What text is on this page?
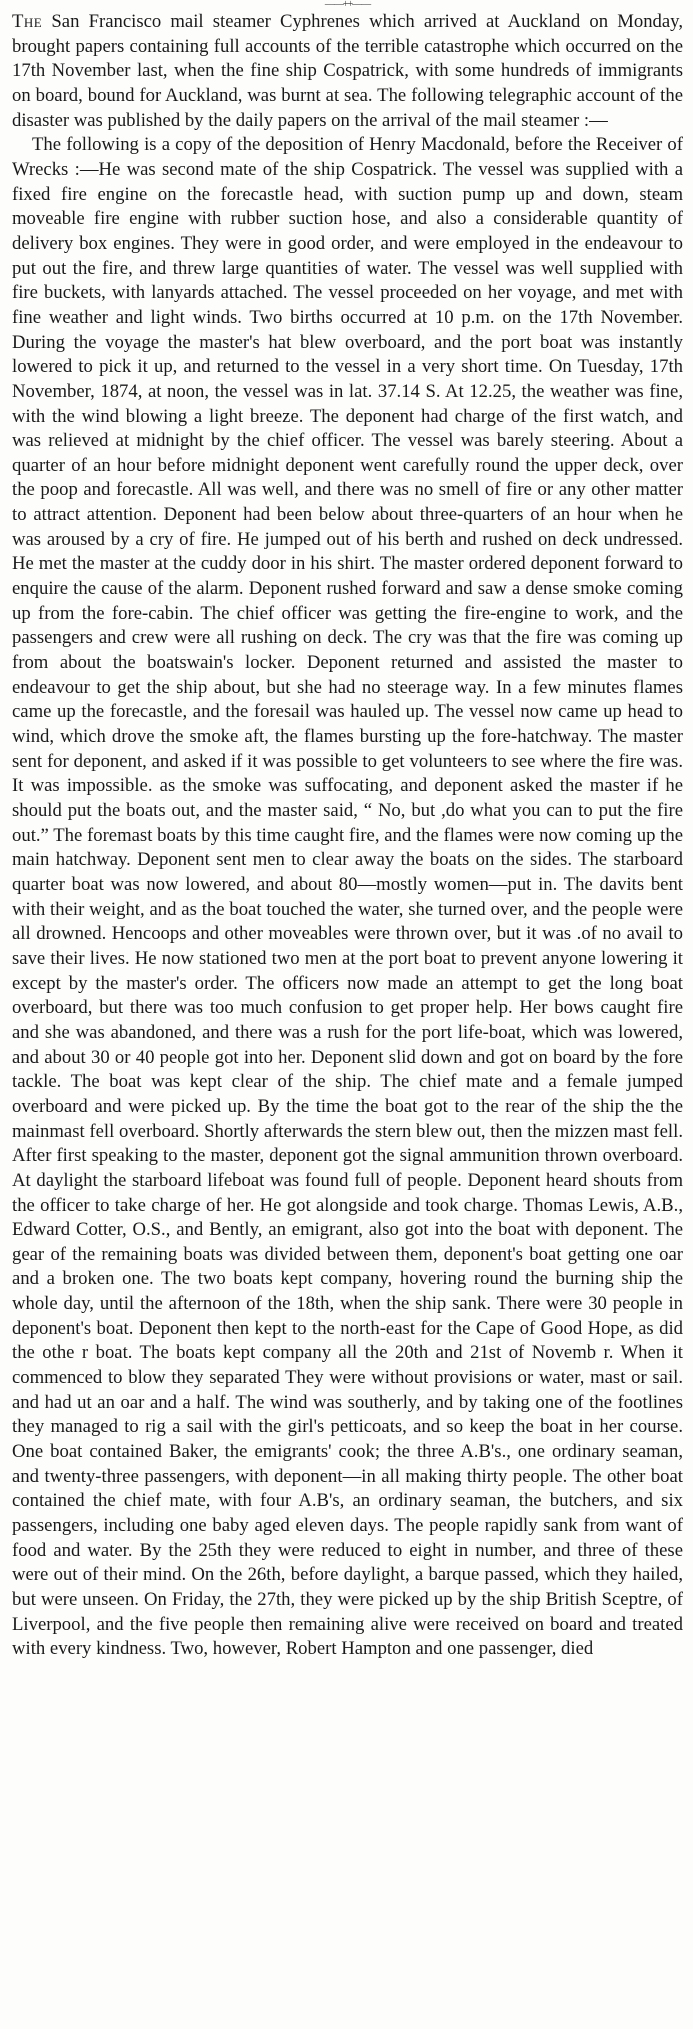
——++——

The San Francisco mail steamer Cyphrenes which arrived at Auckland on Monday, brought papers containing full accounts of the terrible catastrophe which occurred on the 17th November last, when the fine ship Cospatrick, with some hundreds of immigrants on board, bound for Auckland, was burnt at sea. The following telegraphic account of the disaster was published by the daily papers on the arrival of the mail steamer :—

The following is a copy of the deposition of Henry Macdonald, before the Receiver of Wrecks :—He was second mate of the ship Cospatrick. The vessel was supplied with a fixed fire engine on the forecastle head, with suction pump up and down, steam moveable fire engine with rubber suction hose, and also a considerable quantity of delivery box engines. They were in good order, and were employed in the endeavour to put out the fire, and threw large quantities of water. The vessel was well supplied with fire buckets, with lanyards attached. The vessel proceeded on her voyage, and met with fine weather and light winds. Two births occurred at 10 p.m. on the 17th November. During the voyage the master's hat blew overboard, and the port boat was instantly lowered to pick it up, and returned to the vessel in a very short time. On Tuesday, 17th November, 1874, at noon, the vessel was in lat. 37.14 S. At 12.25, the weather was fine, with the wind blowing a light breeze. The deponent had charge of the first watch, and was relieved at midnight by the chief officer. The vessel was barely steering. About a quarter of an hour before midnight deponent went carefully round the upper deck, over the poop and forecastle. All was well, and there was no smell of fire or any other matter to attract attention. Deponent had been below about three-quarters of an hour when he was aroused by a cry of fire. He jumped out of his berth and rushed on deck undressed. He met the master at the cuddy door in his shirt. The master ordered deponent forward to enquire the cause of the alarm. Deponent rushed forward and saw a dense smoke coming up from the fore-cabin. The chief officer was getting the fire-engine to work, and the passengers and crew were all rushing on deck. The cry was that the fire was coming up from about the boatswain's locker. Deponent returned and assisted the master to endeavour to get the ship about, but she had no steerage way. In a few minutes flames came up the forecastle, and the foresail was hauled up. The vessel now came up head to wind, which drove the smoke aft, the flames bursting up the fore-hatchway. The master sent for deponent, and asked if it was possible to get volunteers to see where the fire was. It was impossible. as the smoke was suffocating, and deponent asked the master if he should put the boats out, and the master said, “ No, but ,do what you can to put the fire out.” The foremast boats by this time caught fire, and the flames were now coming up the main hatchway. Deponent sent men to clear away the boats on the sides. The starboard quarter boat was now lowered, and about 80—mostly women—put in. The davits bent with their weight, and as the boat touched the water, she turned over, and the people were all drowned. Hencoops and other moveables were thrown over, but it was .of no avail to save their lives. He now stationed two men at the port boat to prevent anyone lowering it except by the master's order. The officers now made an attempt to get the long boat overboard, but there was too much confusion to get proper help. Her bows caught fire and she was abandoned, and there was a rush for the port life-boat, which was lowered, and about 30 or 40 people got into her. Deponent slid down and got on board by the fore tackle. The boat was kept clear of the ship. The chief mate and a female jumped overboard and were picked up. By the time the boat got to the rear of the ship the the mainmast fell overboard. Shortly afterwards the stern blew out, then the mizzen mast fell. After first speaking to the master, deponent got the signal ammunition thrown overboard. At daylight the starboard lifeboat was found full of people. Deponent heard shouts from the officer to take charge of her. He got alongside and took charge. Thomas Lewis, A.B., Edward Cotter, O.S., and Bently, an emigrant, also got into the boat with deponent. The gear of the remaining boats was divided between them, deponent's boat getting one oar and a broken one. The two boats kept company, hovering round the burning ship the whole day, until the afternoon of the 18th, when the ship sank. There were 30 people in deponent's boat. Deponent then kept to the north-east for the Cape of Good Hope, as did the othe r boat. The boats kept company all the 20th and 21st of Novemb r. When it commenced to blow they separated They were without provisions or water, mast or sail. and had ut an oar and a half. The wind was southerly, and by taking one of the footlines they managed to rig a sail with the girl's petticoats, and so keep the boat in her course. One boat contained Baker, the emigrants' cook; the three A.B's., one ordinary seaman, and twenty-three passengers, with deponent—in all making thirty people. The other boat contained the chief mate, with four A.B's, an ordinary seaman, the butchers, and six passengers, including one baby aged eleven days. The people rapidly sank from want of food and water. By the 25th they were reduced to eight in number, and three of these were out of their mind. On the 26th, before daylight, a barque passed, which they hailed, but were unseen. On Friday, the 27th, they were picked up by the ship British Sceptre, of Liverpool, and the five people then remaining alive were received on board and treated with every kindness. Two, however, Robert Hampton and one passenger, died
